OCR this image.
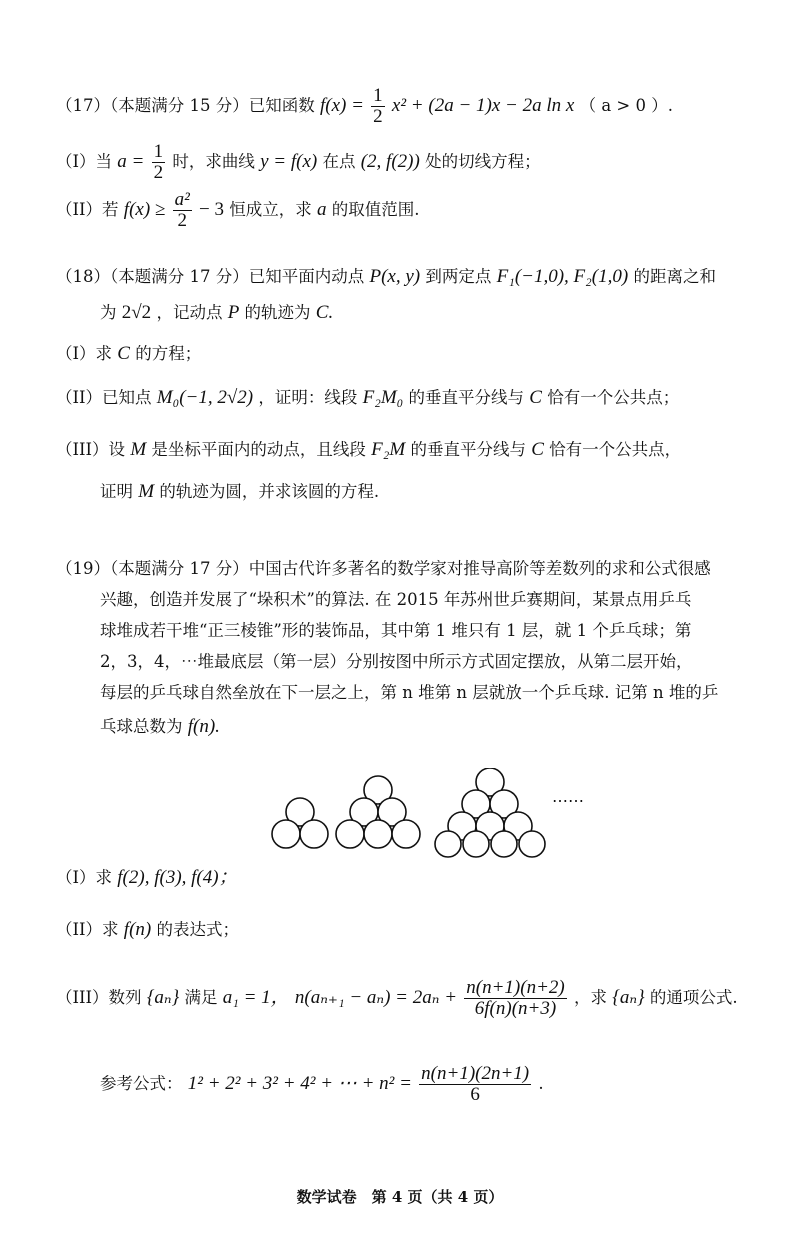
（17）（本题满分 15 分）已知函数 $f(x) = \frac{1}{2} x^2 + (2a - 1)x - 2a$ ln x （ a > 0 ）.
（I）当 $a = \frac{1}{2}$ 时，求曲线 y = f(x) 在点 (2, f(2)) 处的切线方程；
（II）若 $f(x) \ge \frac{\text{a²}}{2} - 3$ 恒成立，求 a 的取值范围.
（18）（本题满分 17 分）已知平面内动点 P(x, y) 到两定点 F₁(−1,0), F₂(1,0) 的距离之和
为 2√2 ，记动点 P 的轨迹为 C.
（I）求 C 的方程；
（II）已知点 M₀(−1, 2√2) ，证明：线段 F₂M₀ 的垂直平分线与 C 恰有一个公共点；
（III）设 M 是坐标平面内的动点，且线段 F₂M 的垂直平分线与 C 恰有一个公共点，
证明 M 的轨迹为圆，并求该圆的方程.
（19）（本题满分 17 分）中国古代许多著名的数学家对推导高阶等差数列的求和公式很感
兴趣，创造并发展了“垛积术”的算法. 在 2015 年苏州世乒赛期间，某景点用乒乓
球堆成若干堆“正三棱锥”形的装饰品，其中第 1 堆只有 1 层，就 1 个乒乓球；第
2，3，4，⋯堆最底层（第一层）分别按图中所示方式固定摆放，从第二层开始，
每层的乒乓球自然垒放在下一层之上，第 n 堆第 n 层就放一个乒乓球. 记第 n 堆的乒
乓球总数为 f(n).
……
（I）求 f(2), f(3), f(4)；
（II）求 f(n) 的表达式；
（III）数列 {aₙ} 满足 a₁ = 1， $n(a_{n+1} - a_n) = 2a_n + \frac{n(n+1)(n+2)}{6f(n)(n+3)}$ ，求 {aₙ} 的通项公式.
参考公式： 1² + 2² + 3² + 4² + ⋯ + $n^2 = \frac{n(n+1)(2n+1)}{6}$ .
数学试卷　第 4 页（共 4 页）
